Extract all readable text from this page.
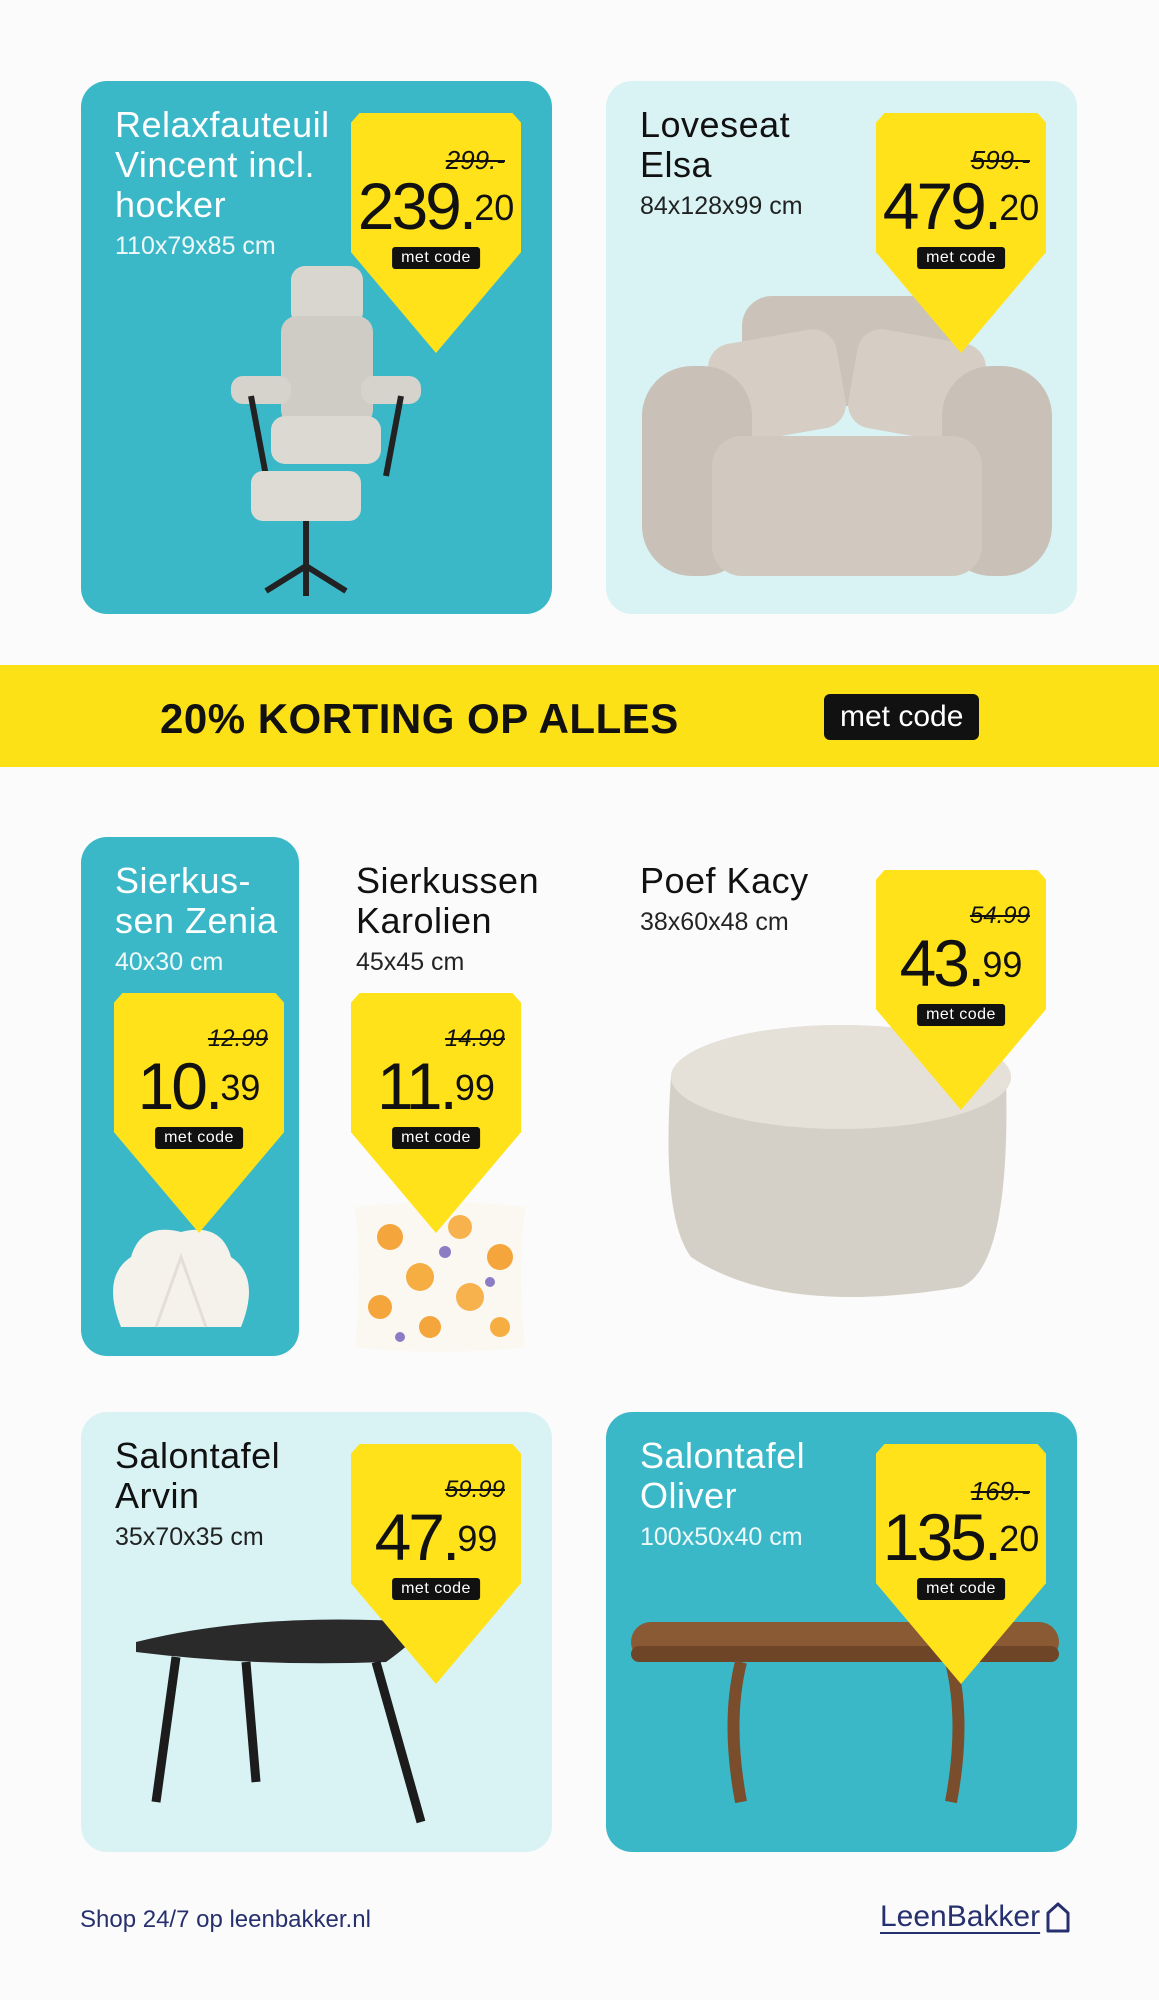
Relaxfauteuil
Vincent incl.
hocker
110x79x85 cm
299.-
239.20
met code
Loveseat
Elsa
84x128x99 cm
599.-
479.20
met code
20% KORTING OP ALLES	met code
Sierkus-
sen Zenia
40x30 cm
12.99
10.39
met code
Sierkussen
Karolien
45x45 cm
14.99
11.99
met code
Poef Kacy
38x60x48 cm	54.99
43.99
met code
Salontafel
Arvin
35x70x35 cm
59.99
47.99
met code
Salontafel
Oliver
100x50x40 cm
169.-
135.20
met code
Shop 24/7 op leenbakker.nl	LeenBakker
